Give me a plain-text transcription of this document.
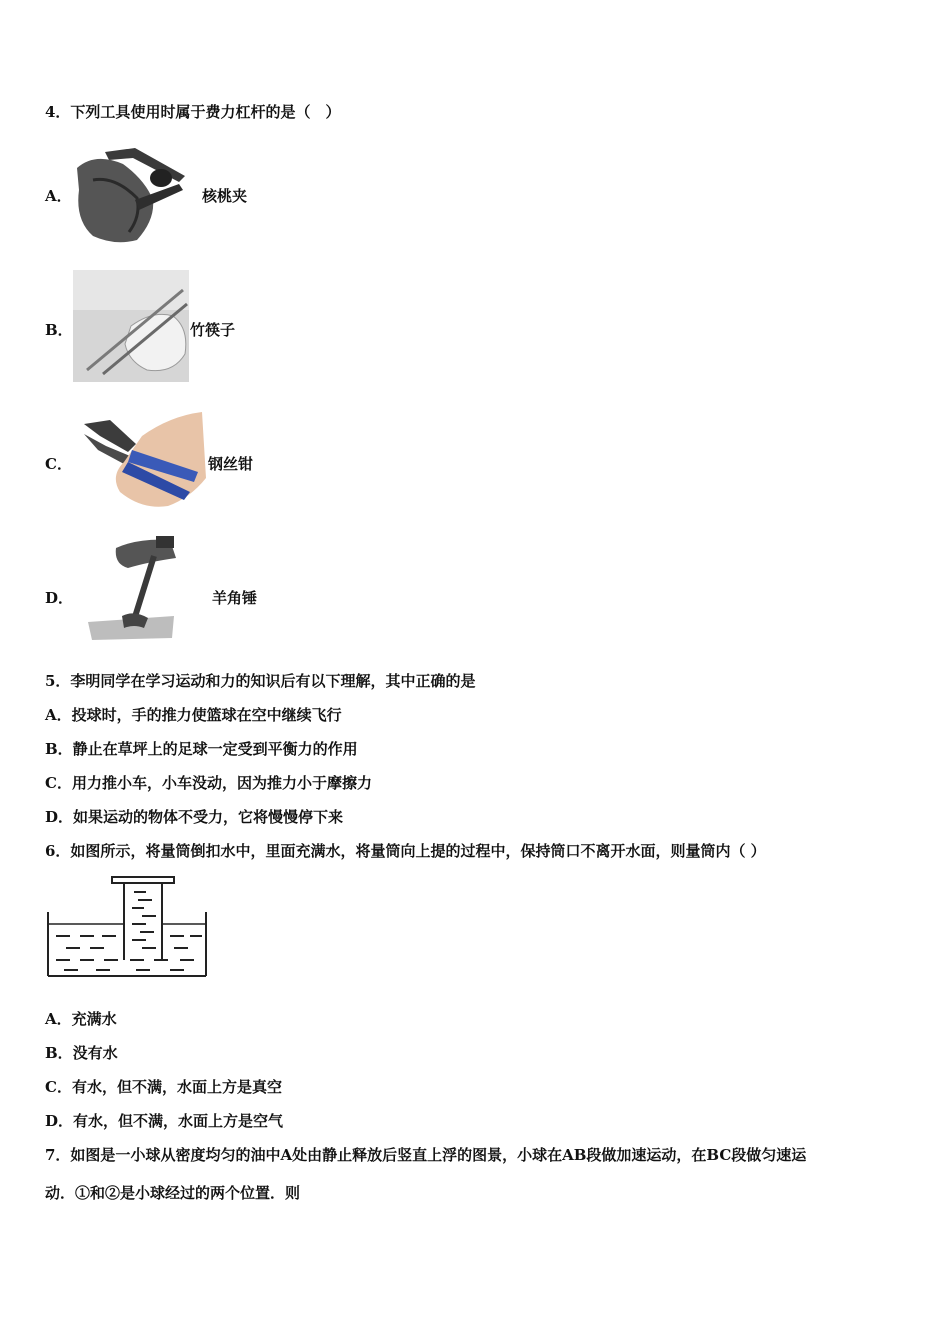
4．下列工具使用时属于费力杠杆的是（　）
A．	核桃夹
B．	竹筷子
C．	钢丝钳
D．	羊角锤
5．李明同学在学习运动和力的知识后有以下理解，其中正确的是
A．投球时，手的推力使篮球在空中继续飞行
B．静止在草坪上的足球一定受到平衡力的作用
C．用力推小车，小车没动，因为推力小于摩擦力
D．如果运动的物体不受力，它将慢慢停下来
6．如图所示，将量筒倒扣水中，里面充满水，将量筒向上提的过程中，保持筒口不离开水面，则量筒内（ ）
A．充满水
B．没有水
C．有水，但不满，水面上方是真空
D．有水，但不满，水面上方是空气
7．如图是一小球从密度均匀的油中A处由静止释放后竖直上浮的图景，小球在AB段做加速运动，在BC段做匀速运
动．①和②是小球经过的两个位置．则
